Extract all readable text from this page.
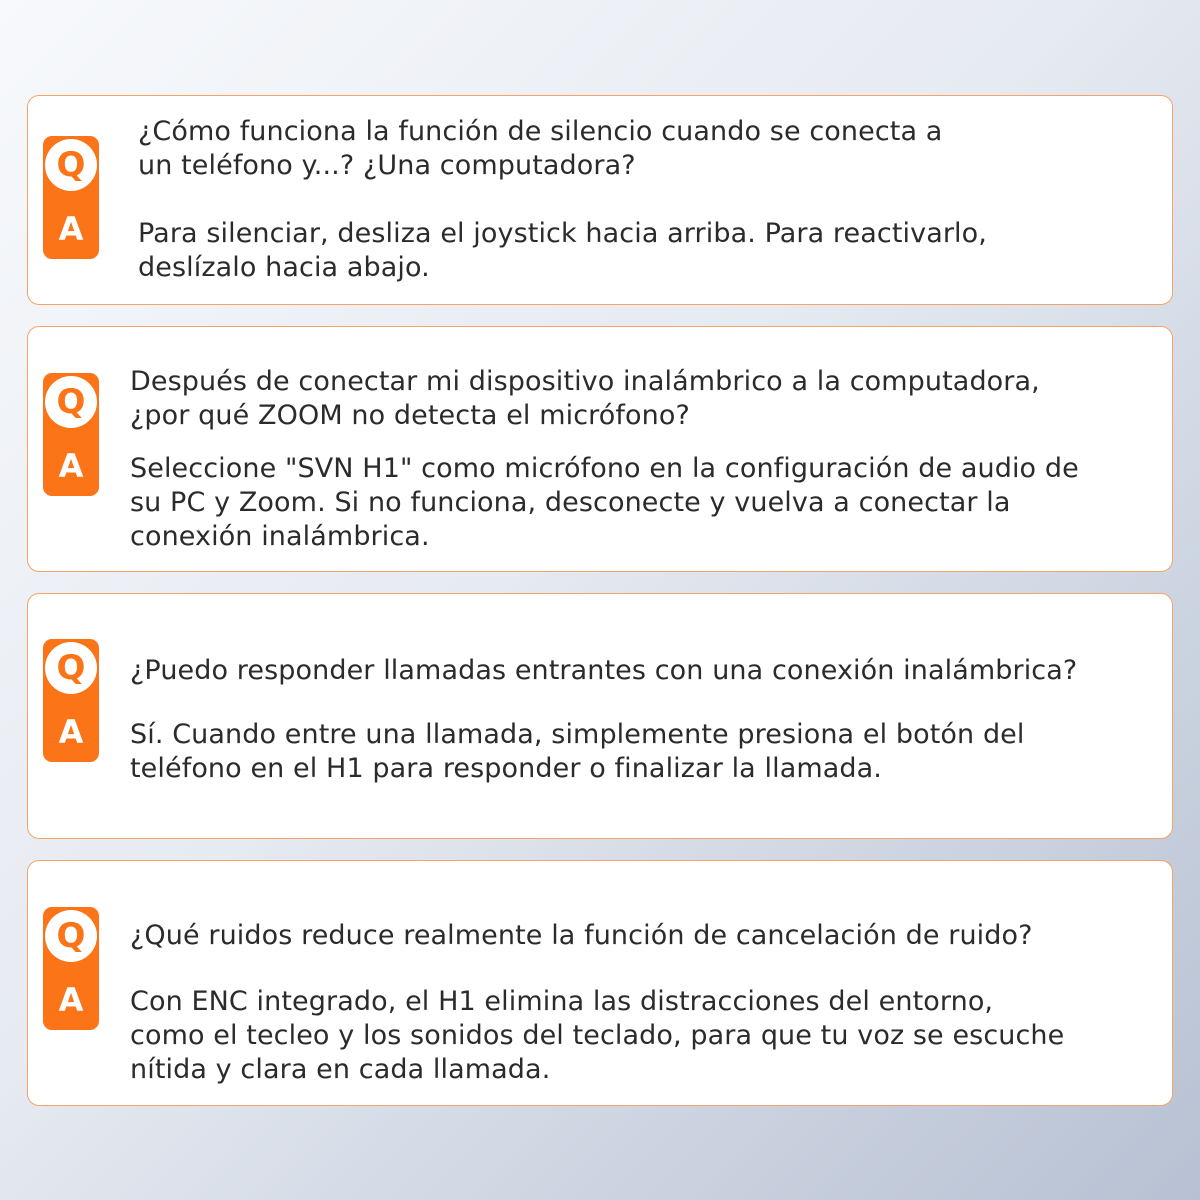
Q
A
¿Cómo funciona la función de silencio cuando se conecta a
un teléfono y...? ¿Una computadora?
Para silenciar, desliza el joystick hacia arriba. Para reactivarlo,
deslízalo hacia abajo.
Q
A
Después de conectar mi dispositivo inalámbrico a la computadora,
¿por qué ZOOM no detecta el micrófono?
Seleccione "SVN H1" como micrófono en la configuración de audio de
su PC y Zoom. Si no funciona, desconecte y vuelva a conectar la
conexión inalámbrica.
Q
A
¿Puedo responder llamadas entrantes con una conexión inalámbrica?
Sí. Cuando entre una llamada, simplemente presiona el botón del
teléfono en el H1 para responder o finalizar la llamada.
Q
A
¿Qué ruidos reduce realmente la función de cancelación de ruido?
Con ENC integrado, el H1 elimina las distracciones del entorno,
como el tecleo y los sonidos del teclado, para que tu voz se escuche
nítida y clara en cada llamada.
